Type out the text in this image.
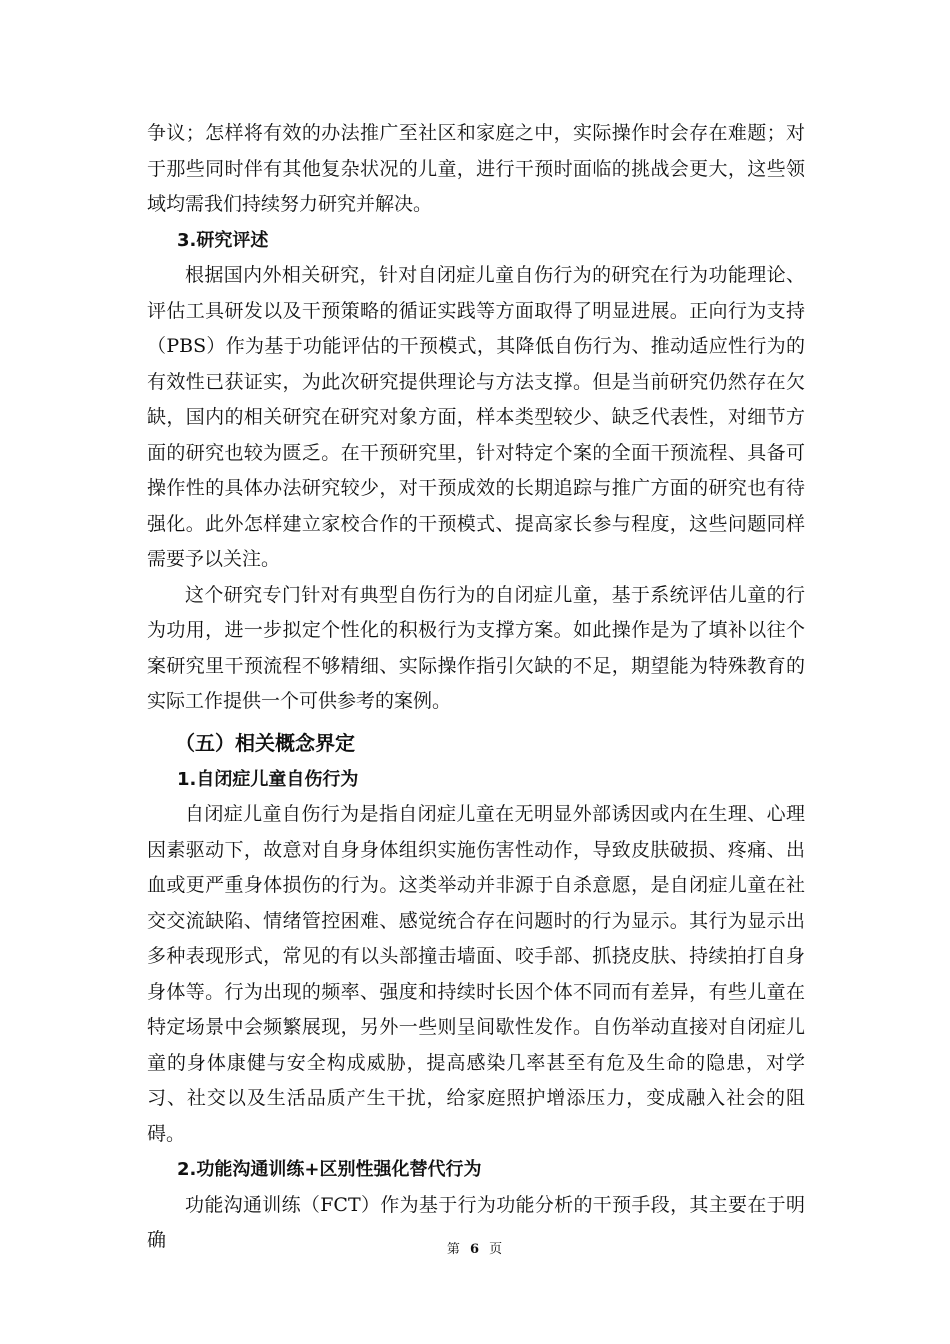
争议；怎样将有效的办法推广至社区和家庭之中，实际操作时会存在难题；对于那些同时伴有其他复杂状况的儿童，进行干预时面临的挑战会更大，这些领域均需我们持续努力研究并解决。

3.研究评述

根据国内外相关研究，针对自闭症儿童自伤行为的研究在行为功能理论、评估工具研发以及干预策略的循证实践等方面取得了明显进展。正向行为支持（PBS）作为基于功能评估的干预模式，其降低自伤行为、推动适应性行为的有效性已获证实，为此次研究提供理论与方法支撑。但是当前研究仍然存在欠缺，国内的相关研究在研究对象方面，样本类型较少、缺乏代表性，对细节方面的研究也较为匮乏。在干预研究里，针对特定个案的全面干预流程、具备可操作性的具体办法研究较少，对干预成效的长期追踪与推广方面的研究也有待强化。此外怎样建立家校合作的干预模式、提高家长参与程度，这些问题同样需要予以关注。

这个研究专门针对有典型自伤行为的自闭症儿童，基于系统评估儿童的行为功用，进一步拟定个性化的积极行为支撑方案。如此操作是为了填补以往个案研究里干预流程不够精细、实际操作指引欠缺的不足，期望能为特殊教育的实际工作提供一个可供参考的案例。

（五）相关概念界定

1.自闭症儿童自伤行为

自闭症儿童自伤行为是指自闭症儿童在无明显外部诱因或内在生理、心理因素驱动下，故意对自身身体组织实施伤害性动作，导致皮肤破损、疼痛、出血或更严重身体损伤的行为。这类举动并非源于自杀意愿，是自闭症儿童在社交交流缺陷、情绪管控困难、感觉统合存在问题时的行为显示。其行为显示出多种表现形式，常见的有以头部撞击墙面、咬手部、抓挠皮肤、持续拍打自身身体等。行为出现的频率、强度和持续时长因个体不同而有差异，有些儿童在特定场景中会频繁展现，另外一些则呈间歇性发作。自伤举动直接对自闭症儿童的身体康健与安全构成威胁，提高感染几率甚至有危及生命的隐患，对学习、社交以及生活品质产生干扰，给家庭照护增添压力，变成融入社会的阻碍。

2.功能沟通训练+区别性强化替代行为

功能沟通训练（FCT）作为基于行为功能分析的干预手段，其主要在于明确	第 6 页
